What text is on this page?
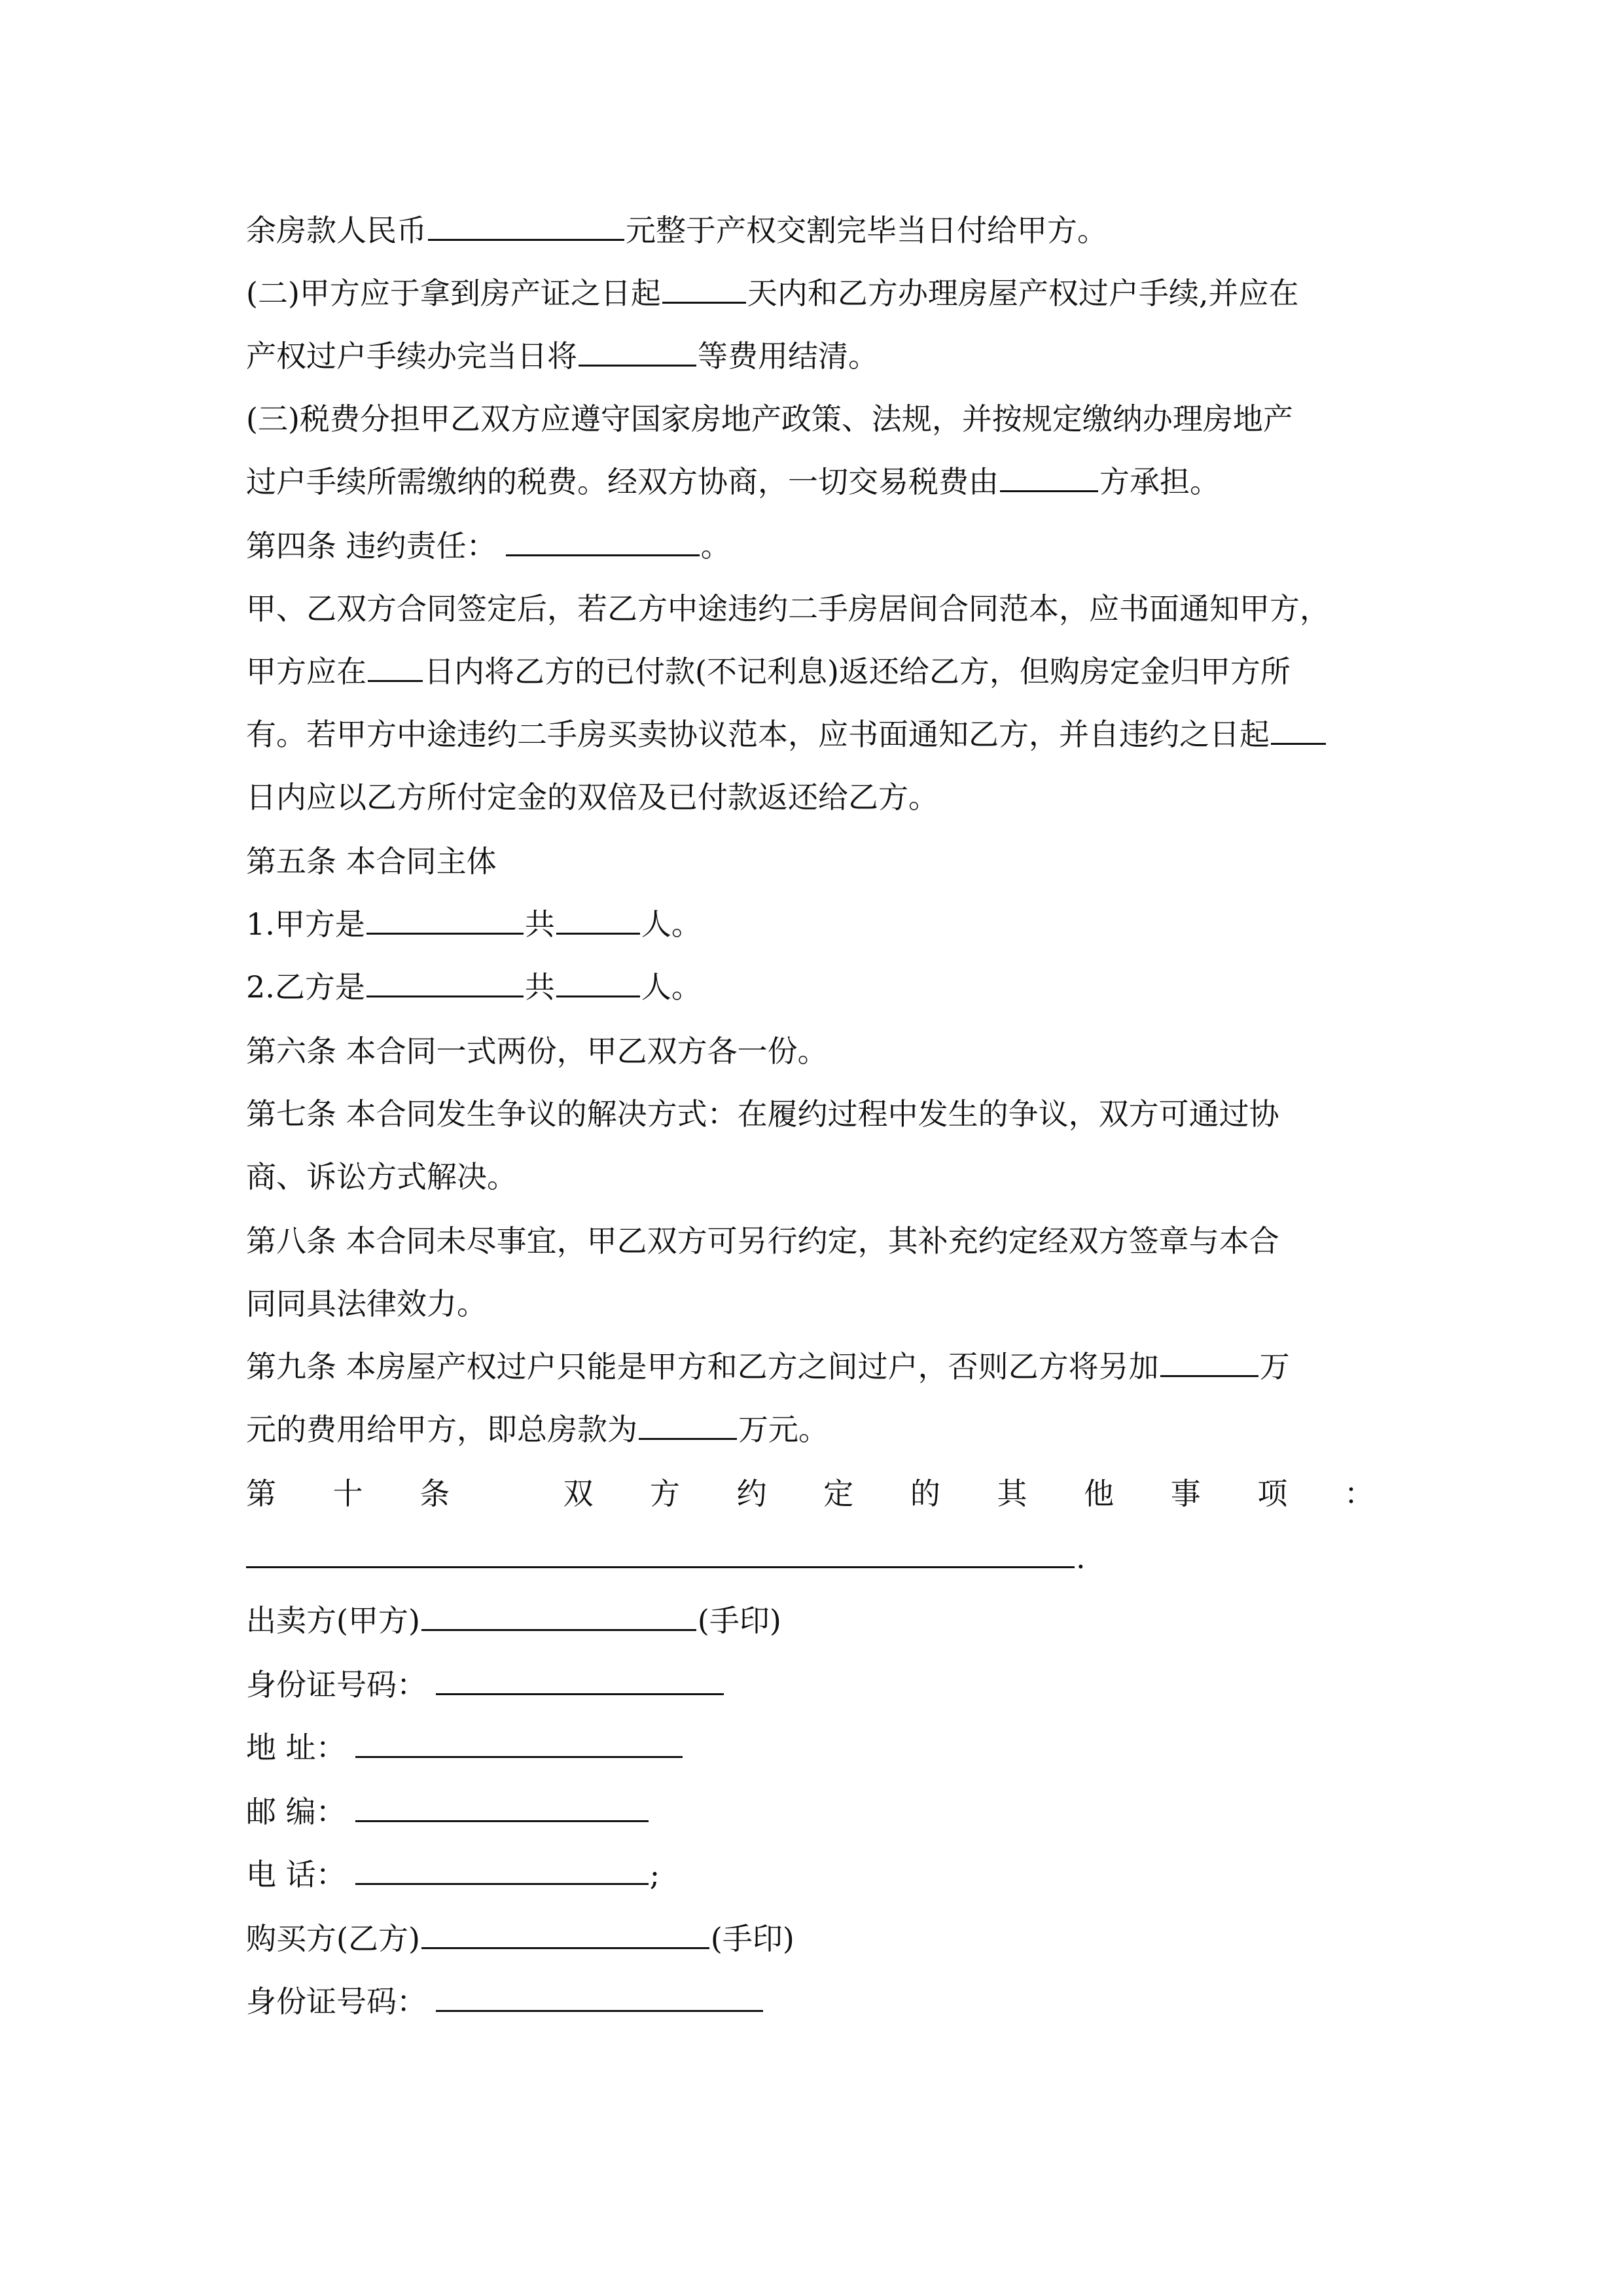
余房款人民币	元整于产权交割完毕当日付给甲方。
(二)甲方应于拿到房产证之日起	天内和乙方办理房屋产权过户手续,并应在
产权过户手续办完当日将	等费用结清。
(三)税费分担甲乙双方应遵守国家房地产政策、法规，并按规定缴纳办理房地产
过户手续所需缴纳的税费。经双方协商，一切交易税费由	方承担。
第四条 违约责任：	。
甲、乙双方合同签定后，若乙方中途违约二手房居间合同范本，应书面通知甲方，
甲方应在 日内将乙方的已付款(不记利息)返还给乙方，但购房定金归甲方所
有。若甲方中途违约二手房买卖协议范本，应书面通知乙方，并自违约之日起
日内应以乙方所付定金的双倍及已付款返还给乙方。
第五条 本合同主体
1.甲方是	共	人。
2.乙方是	共	人。
第六条 本合同一式两份，甲乙双方各一份。
第七条 本合同发生争议的解决方式：在履约过程中发生的争议，双方可通过协
商、诉讼方式解决。
第八条 本合同未尽事宜，甲乙双方可另行约定，其补充约定经双方签章与本合
同同具法律效力。
第九条 本房屋产权过户只能是甲方和乙方之间过户，否则乙方将另加	万
元的费用给甲方，即总房款为	万元。
第 十 条	双 方 约 定 的 其 他 事 项 ：
.
出卖方(甲方)	(手印)
身份证号码：
地 址：
邮 编：
电 话：	;
购买方(乙方)	(手印)
身份证号码：
